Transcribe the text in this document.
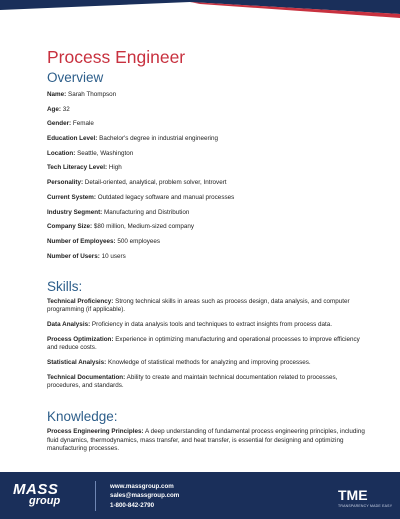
Process Engineer
Overview
Name: Sarah Thompson
Age: 32
Gender: Female
Education Level: Bachelor's degree in industrial engineering
Location: Seattle, Washington
Tech Literacy Level: High
Personality: Detail-oriented, analytical, problem solver, Introvert
Current System: Outdated legacy software and manual processes
Industry Segment: Manufacturing and Distribution
Company Size: $80 million, Medium-sized company
Number of Employees: 500 employees
Number of Users: 10 users
Skills:

Technical Proficiency: Strong technical skills in areas such as process design, data analysis, and computer programming (if applicable).

Data Analysis: Proficiency in data analysis tools and techniques to extract insights from process data.

Process Optimization: Experience in optimizing manufacturing and operational processes to improve efficiency and reduce costs.

Statistical Analysis: Knowledge of statistical methods for analyzing and improving processes.

Technical Documentation: Ability to create and maintain technical documentation related to processes, procedures, and standards.

Knowledge:

Process Engineering Principles: A deep understanding of fundamental process engineering principles, including fluid dynamics, thermodynamics, mass transfer, and heat transfer, is essential for designing and optimizing manufacturing processes.

MASS
group
www.massgroup.com
sales@massgroup.com
1-800-842-2790
TME
TRANSPARENCY MADE EASY
